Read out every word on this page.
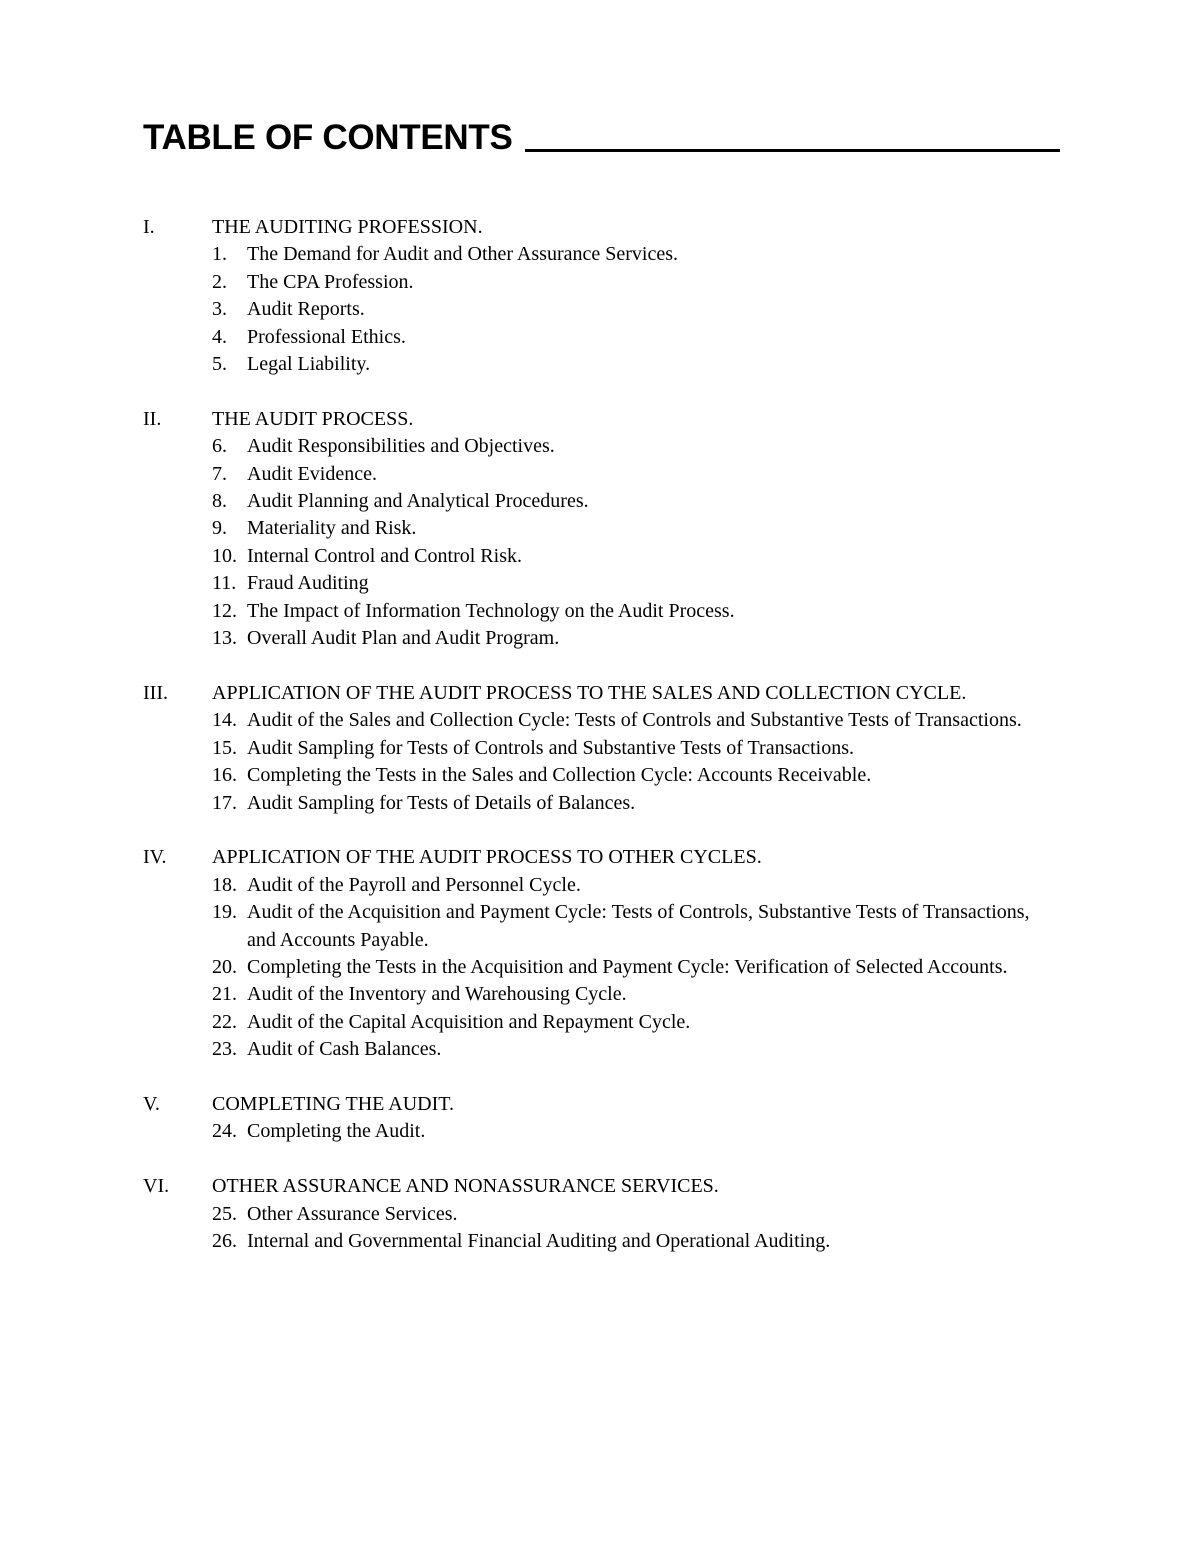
TABLE OF CONTENTS
I.	THE AUDITING PROFESSION.
1.	The Demand for Audit and Other Assurance Services.
2.	The CPA Profession.
3.	Audit Reports.
4.	Professional Ethics.
5.	Legal Liability.
II.	THE AUDIT PROCESS.
6.	Audit Responsibilities and Objectives.
7.	Audit Evidence.
8.	Audit Planning and Analytical Procedures.
9.	Materiality and Risk.
10. Internal Control and Control Risk.
11. Fraud Auditing
12. The Impact of Information Technology on the Audit Process.
13. Overall Audit Plan and Audit Program.
III.	APPLICATION OF THE AUDIT PROCESS TO THE SALES AND COLLECTION CYCLE.
14. Audit of the Sales and Collection Cycle: Tests of Controls and Substantive Tests of Transactions.
15. Audit Sampling for Tests of Controls and Substantive Tests of Transactions.
16. Completing the Tests in the Sales and Collection Cycle: Accounts Receivable.
17. Audit Sampling for Tests of Details of Balances.
IV.	APPLICATION OF THE AUDIT PROCESS TO OTHER CYCLES.
18. Audit of the Payroll and Personnel Cycle.
19. Audit of the Acquisition and Payment Cycle: Tests of Controls, Substantive Tests of Transactions, and Accounts Payable.
20. Completing the Tests in the Acquisition and Payment Cycle: Verification of Selected Accounts.
21. Audit of the Inventory and Warehousing Cycle.
22. Audit of the Capital Acquisition and Repayment Cycle.
23. Audit of Cash Balances.
V.	COMPLETING THE AUDIT.
24. Completing the Audit.
VI.	OTHER ASSURANCE AND NONASSURANCE SERVICES.
25. Other Assurance Services.
26. Internal and Governmental Financial Auditing and Operational Auditing.
